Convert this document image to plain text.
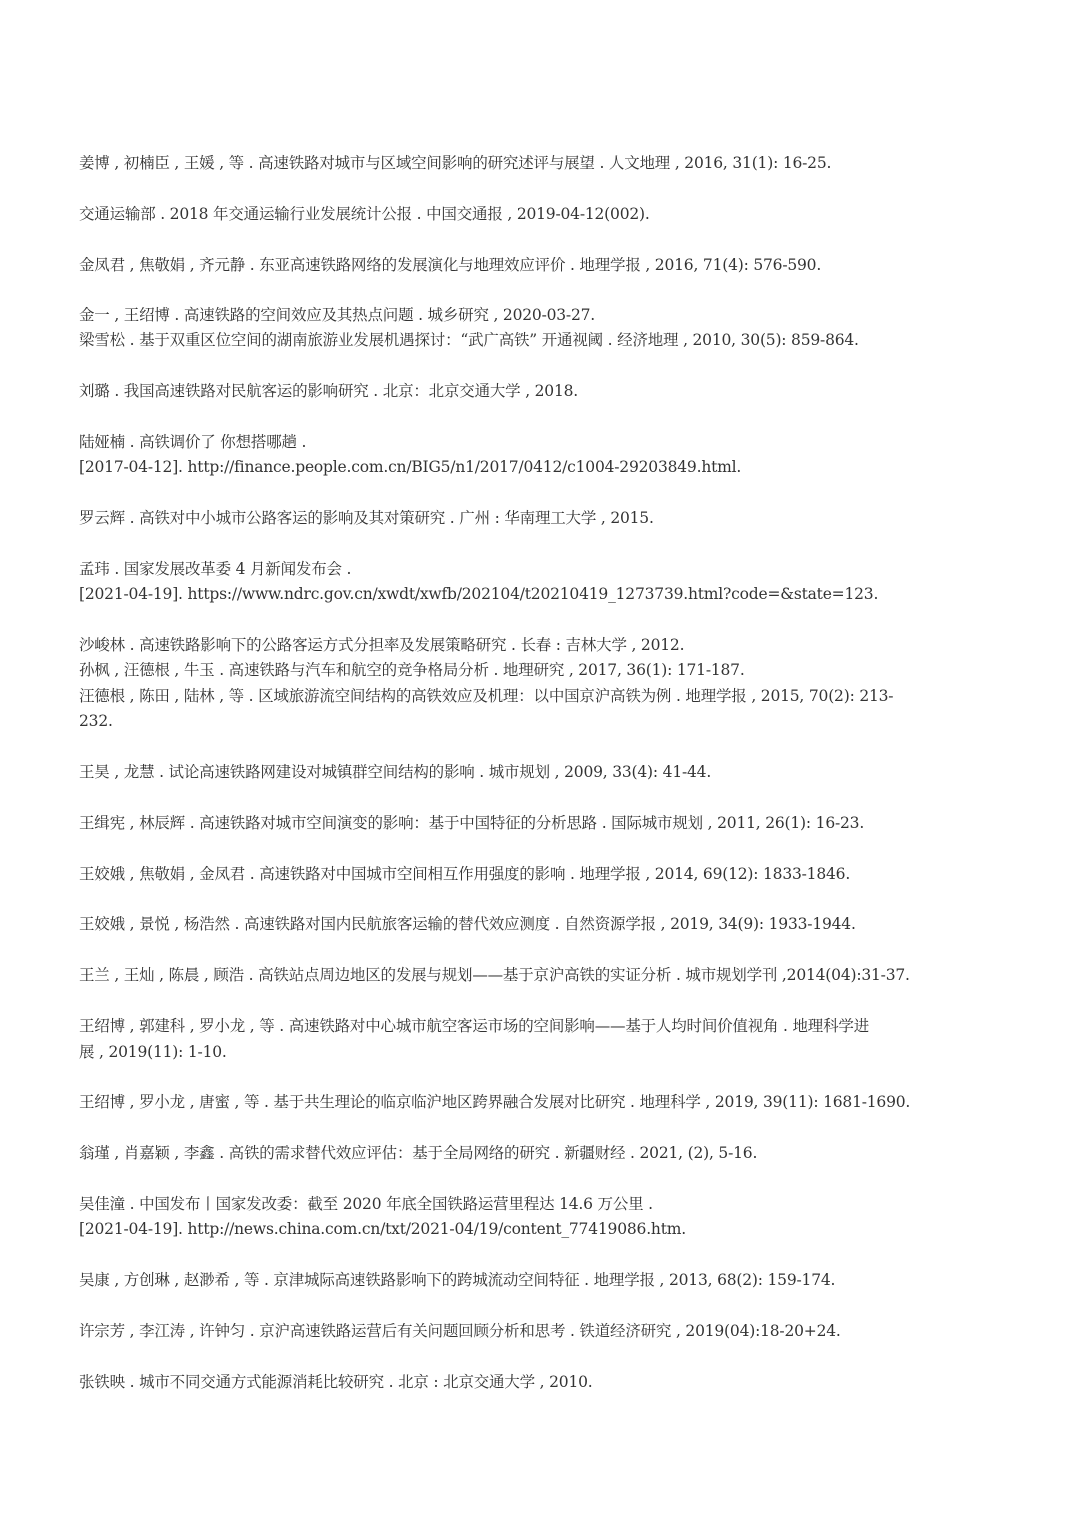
姜博 , 初楠臣 , 王媛 , 等 . 高速铁路对城市与区域空间影响的研究述评与展望 . 人文地理 , 2016, 31(1): 16-25.
交通运输部 . 2018 年交通运输行业发展统计公报 . 中国交通报 , 2019-04-12(002).
金凤君 , 焦敬娟 , 齐元静 . 东亚高速铁路网络的发展演化与地理效应评价 . 地理学报 , 2016, 71(4): 576-590.
金一 , 王绍博 . 高速铁路的空间效应及其热点问题 . 城乡研究 , 2020-03-27.
梁雪松 . 基于双重区位空间的湖南旅游业发展机遇探讨：“武广高铁” 开通视阈 . 经济地理 , 2010, 30(5): 859-864.
刘璐 . 我国高速铁路对民航客运的影响研究 . 北京：北京交通大学 , 2018.
陆娅楠 . 高铁调价了 你想搭哪趟 .
[2017-04-12]. http://finance.people.com.cn/BIG5/n1/2017/0412/c1004-29203849.html.
罗云辉 . 高铁对中小城市公路客运的影响及其对策研究 . 广州 : 华南理工大学 , 2015.
孟玮 . 国家发展改革委 4 月新闻发布会 .
[2021-04-19]. https://www.ndrc.gov.cn/xwdt/xwfb/202104/t20210419_1273739.html?code=&state=123.
沙峻林 . 高速铁路影响下的公路客运方式分担率及发展策略研究 . 长春 : 吉林大学 , 2012.
孙枫 , 汪德根 , 牛玉 . 高速铁路与汽车和航空的竞争格局分析 . 地理研究 , 2017, 36(1): 171-187.
汪德根 , 陈田 , 陆林 , 等 . 区域旅游流空间结构的高铁效应及机理：以中国京沪高铁为例 . 地理学报 , 2015, 70(2): 213-
232.
王昊 , 龙慧 . 试论高速铁路网建设对城镇群空间结构的影响 . 城市规划 , 2009, 33(4): 41-44.
王缉宪 , 林辰辉 . 高速铁路对城市空间演变的影响：基于中国特征的分析思路 . 国际城市规划 , 2011, 26(1): 16-23.
王姣娥 , 焦敬娟 , 金凤君 . 高速铁路对中国城市空间相互作用强度的影响 . 地理学报 , 2014, 69(12): 1833-1846.
王姣娥 , 景悦 , 杨浩然 . 高速铁路对国内民航旅客运输的替代效应测度 . 自然资源学报 , 2019, 34(9): 1933-1944.
王兰 , 王灿 , 陈晨 , 顾浩 . 高铁站点周边地区的发展与规划——基于京沪高铁的实证分析 . 城市规划学刊 ,2014(04):31-37.
王绍博 , 郭建科 , 罗小龙 , 等 . 高速铁路对中心城市航空客运市场的空间影响——基于人均时间价值视角 . 地理科学进
展 , 2019(11): 1-10.
王绍博 , 罗小龙 , 唐蜜 , 等 . 基于共生理论的临京临沪地区跨界融合发展对比研究 . 地理科学 , 2019, 39(11): 1681-1690.
翁瑾 , 肖嘉颖 , 李鑫 . 高铁的需求替代效应评估：基于全局网络的研究 . 新疆财经 . 2021, (2), 5-16.
吴佳潼 . 中国发布丨国家发改委：截至 2020 年底全国铁路运营里程达 14.6 万公里 .
[2021-04-19]. http://news.china.com.cn/txt/2021-04/19/content_77419086.htm.
吴康 , 方创琳 , 赵渺希 , 等 . 京津城际高速铁路影响下的跨城流动空间特征 . 地理学报 , 2013, 68(2): 159-174.
许宗芳 , 李江涛 , 许钟匀 . 京沪高速铁路运营后有关问题回顾分析和思考 . 铁道经济研究 , 2019(04):18-20+24.
张铁映 . 城市不同交通方式能源消耗比较研究 . 北京 : 北京交通大学 , 2010.
